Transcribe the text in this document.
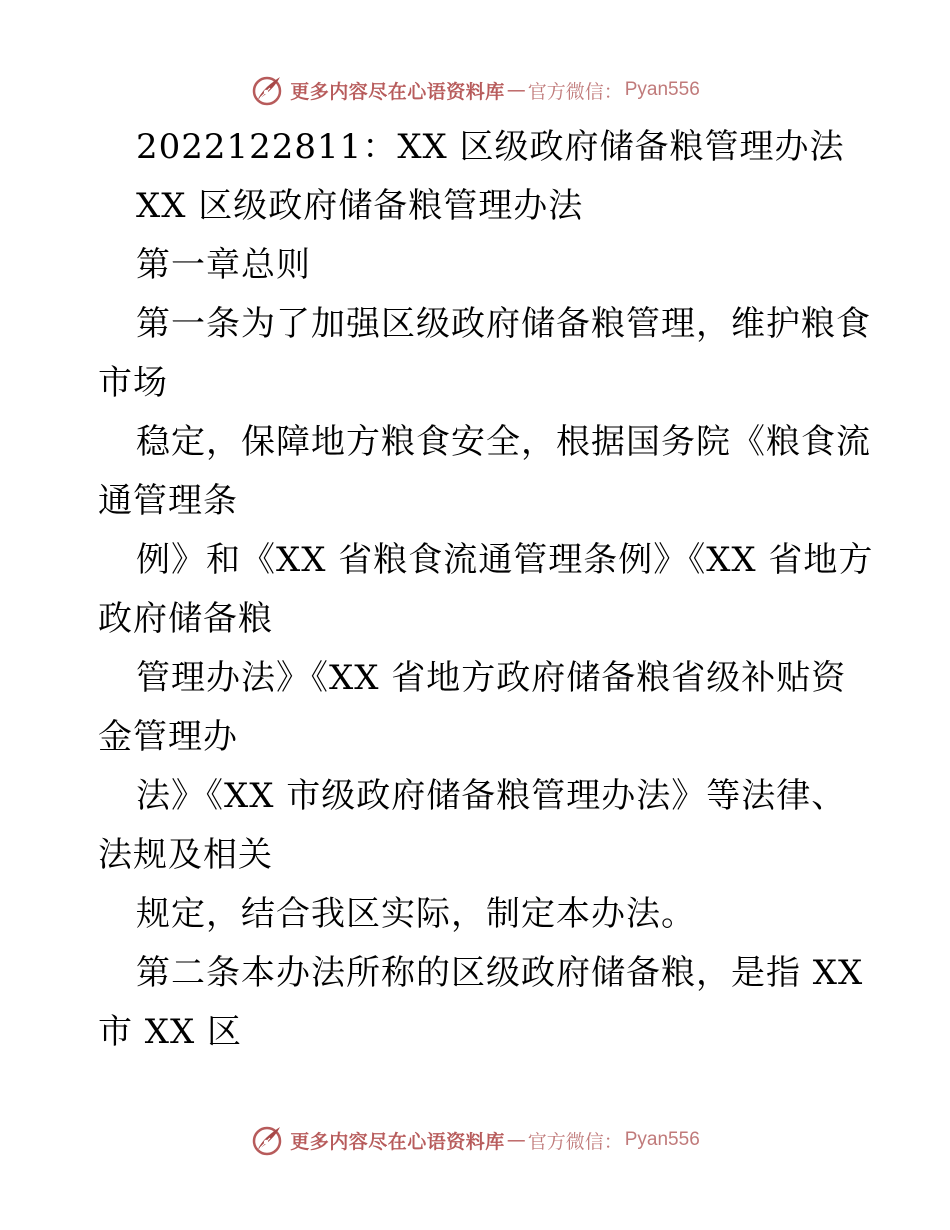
更多内容尽在心语资料库 — 官方微信： Pyan556
2022122811：XX 区级政府储备粮管理办法
XX 区级政府储备粮管理办法
第一章总则
第一条为了加强区级政府储备粮管理，维护粮食
市场
稳定，保障地方粮食安全，根据国务院《粮食流
通管理条
例》和《XX 省粮食流通管理条例》《XX 省地方
政府储备粮
管理办法》《XX 省地方政府储备粮省级补贴资
金管理办
法》《XX 市级政府储备粮管理办法》等法律、
法规及相关
规定，结合我区实际，制定本办法。
第二条本办法所称的区级政府储备粮，是指 XX
市 XX 区
更多内容尽在心语资料库 — 官方微信： Pyan556
